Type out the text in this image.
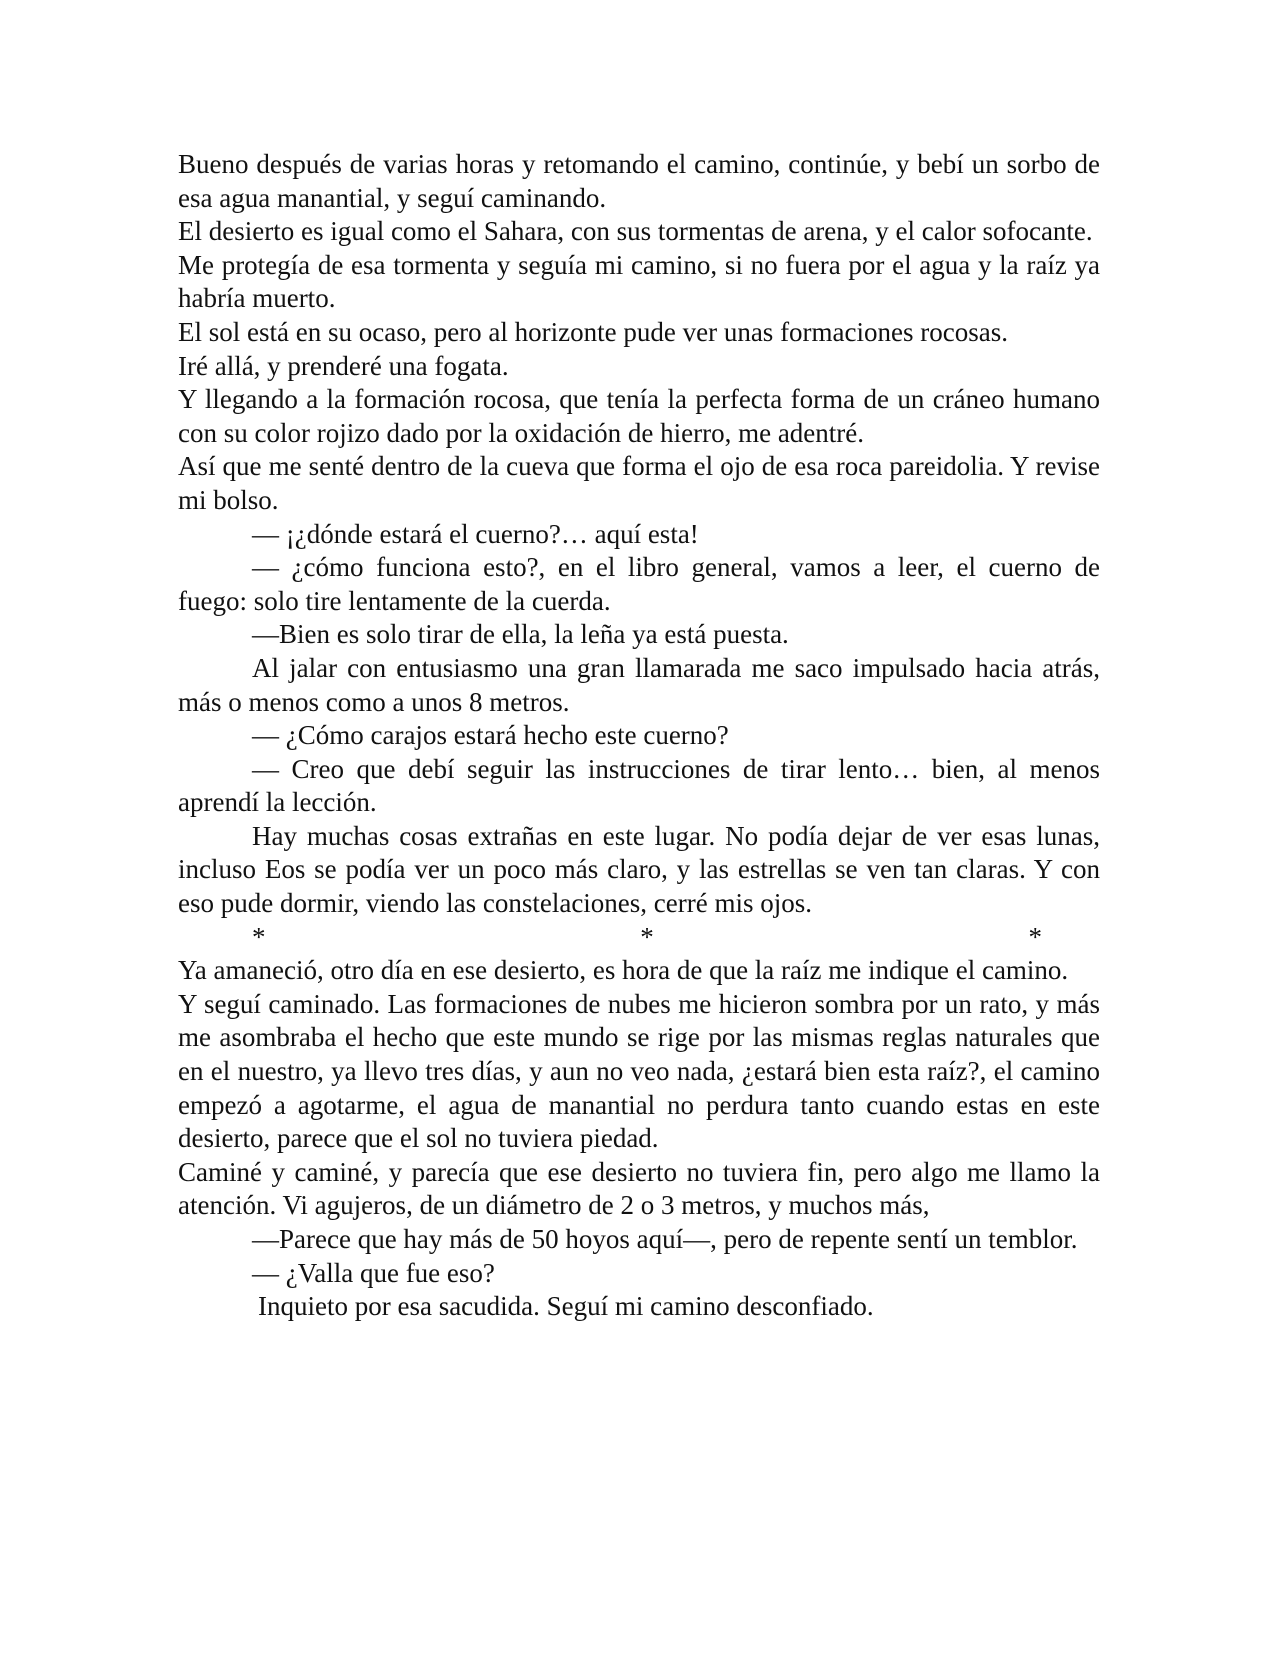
Bueno después de varias horas y retomando el camino, continúe, y bebí un sorbo de esa agua manantial, y seguí caminando.

El desierto es igual como el Sahara, con sus tormentas de arena, y el calor sofocante.

Me protegía de esa tormenta y seguía mi camino, si no fuera por el agua y la raíz ya habría muerto.

El sol está en su ocaso, pero al horizonte pude ver unas formaciones rocosas.

Iré allá, y prenderé una fogata.

Y llegando a la formación rocosa, que tenía la perfecta forma de un cráneo humano con su color rojizo dado por la oxidación de hierro, me adentré.

Así que me senté dentro de la cueva que forma el ojo de esa roca pareidolia. Y revise mi bolso.

— ¡¿dónde estará el cuerno?… aquí esta!

— ¿cómo funciona esto?, en el libro general, vamos a leer, el cuerno de fuego: solo tire lentamente de la cuerda.

—Bien es solo tirar de ella, la leña ya está puesta.

Al jalar con entusiasmo una gran llamarada me saco impulsado hacia atrás, más o menos como a unos 8 metros.

— ¿Cómo carajos estará hecho este cuerno?

— Creo que debí seguir las instrucciones de tirar lento… bien, al menos aprendí la lección.

Hay muchas cosas extrañas en este lugar. No podía dejar de ver esas lunas, incluso Eos se podía ver un poco más claro, y las estrellas se ven tan claras. Y con eso pude dormir, viendo las constelaciones, cerré mis ojos.

*	*	*

Ya amaneció, otro día en ese desierto, es hora de que la raíz me indique el camino.

Y seguí caminado. Las formaciones de nubes me hicieron sombra por un rato, y más me asombraba el hecho que este mundo se rige por las mismas reglas naturales que en el nuestro, ya llevo tres días, y aun no veo nada, ¿estará bien esta raíz?, el camino empezó a agotarme, el agua de manantial no perdura tanto cuando estas en este desierto, parece que el sol no tuviera piedad.

Caminé y caminé, y parecía que ese desierto no tuviera fin, pero algo me llamo la atención. Vi agujeros, de un diámetro de 2 o 3 metros, y muchos más,

—Parece que hay más de 50 hoyos aquí—, pero de repente sentí un temblor.

— ¿Valla que fue eso?

Inquieto por esa sacudida. Seguí mi camino desconfiado.
